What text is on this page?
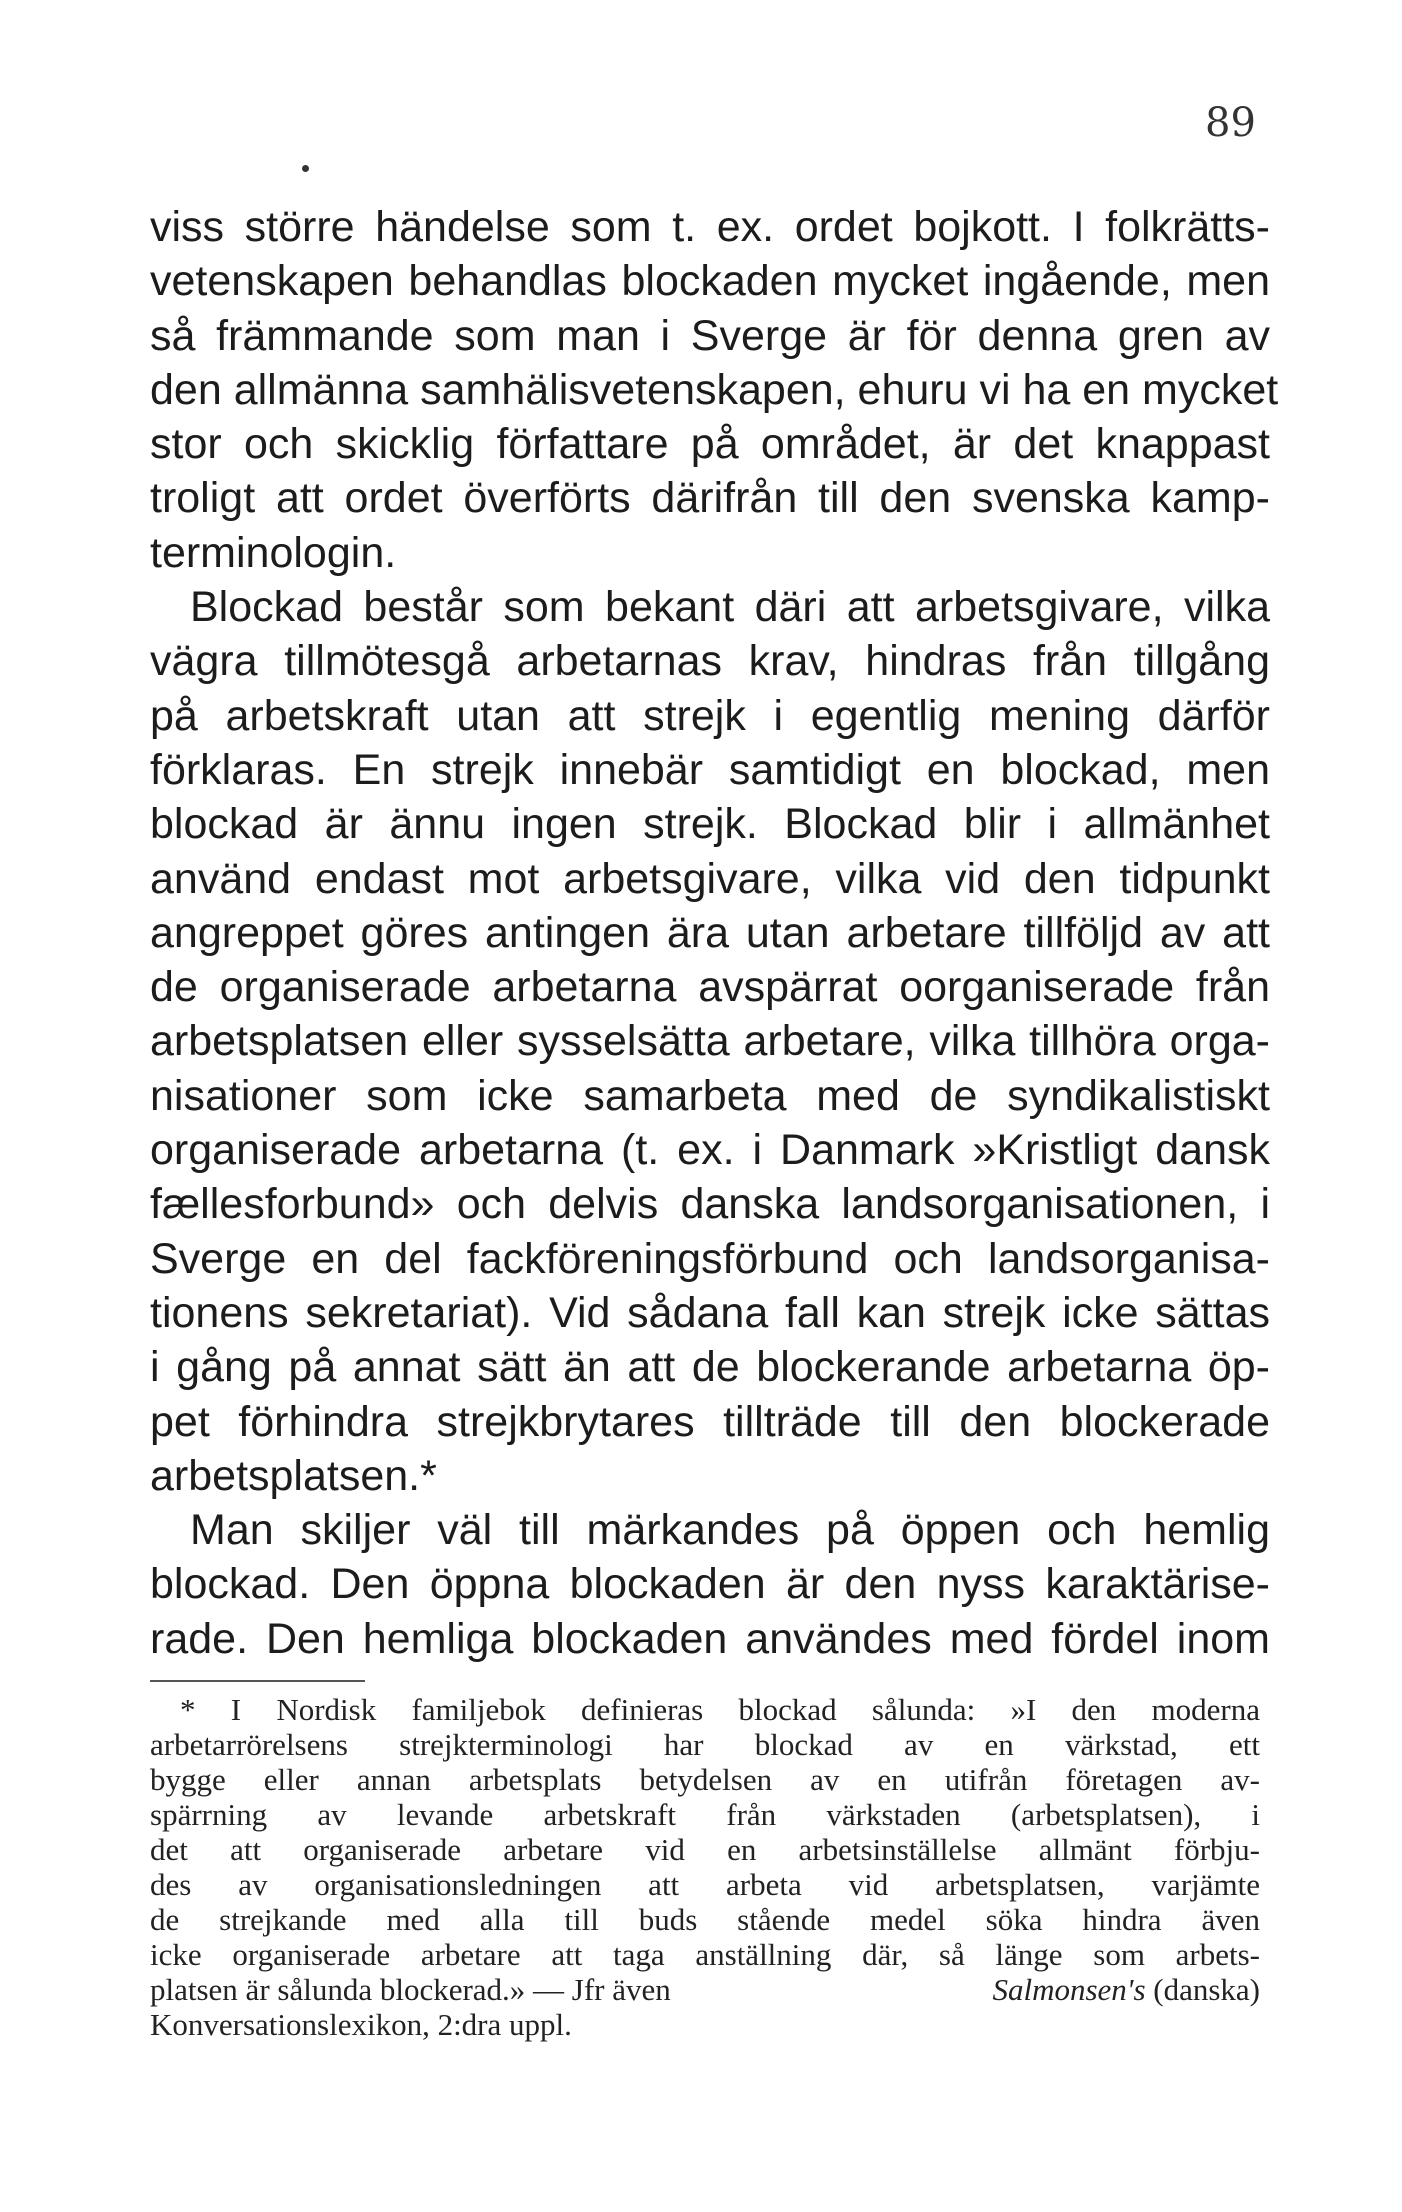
89
viss större händelse som t. ex. ordet bojkott. I folkrätts-
vetenskapen behandlas blockaden mycket ingående, men
så främmande som man i Sverge är för denna gren av
den allmänna samhälisvetenskapen, ehuru vi ha en mycket
stor och skicklig författare på området, är det knappast
troligt att ordet överförts därifrån till den svenska kamp-
terminologin.
Blockad består som bekant däri att arbetsgivare, vilka
vägra tillmötesgå arbetarnas krav, hindras från tillgång
på arbetskraft utan att strejk i egentlig mening därför
förklaras. En strejk innebär samtidigt en blockad, men
blockad är ännu ingen strejk. Blockad blir i allmänhet
använd endast mot arbetsgivare, vilka vid den tidpunkt
angreppet göres antingen ära utan arbetare tillföljd av att
de organiserade arbetarna avspärrat oorganiserade från
arbetsplatsen eller sysselsätta arbetare, vilka tillhöra orga-
nisationer som icke samarbeta med de syndikalistiskt
organiserade arbetarna (t. ex. i Danmark »Kristligt dansk
fællesforbund» och delvis danska landsorganisationen, i
Sverge en del fackföreningsförbund och landsorganisa-
tionens sekretariat). Vid sådana fall kan strejk icke sättas
i gång på annat sätt än att de blockerande arbetarna öp-
pet förhindra strejkbrytares tillträde till den blockerade
arbetsplatsen.*
Man skiljer väl till märkandes på öppen och hemlig
blockad. Den öppna blockaden är den nyss karaktärise-
rade. Den hemliga blockaden användes med fördel inom
* I Nordisk familjebok definieras blockad sålunda: »I den moderna
arbetarrörelsens strejkterminologi har blockad av en värkstad, ett
bygge eller annan arbetsplats betydelsen av en utifrån företagen av-
spärrning av levande arbetskraft från värkstaden (arbetsplatsen), i
det att organiserade arbetare vid en arbetsinställelse allmänt förbju-
des av organisationsledningen att arbeta vid arbetsplatsen, varjämte
de strejkande med alla till buds stående medel söka hindra även
icke organiserade arbetare att taga anställning där, så länge som arbets-
platsen är sålunda blockerad.» — Jfr även	Salmonsen's (danska)
Konversationslexikon, 2:dra uppl.
